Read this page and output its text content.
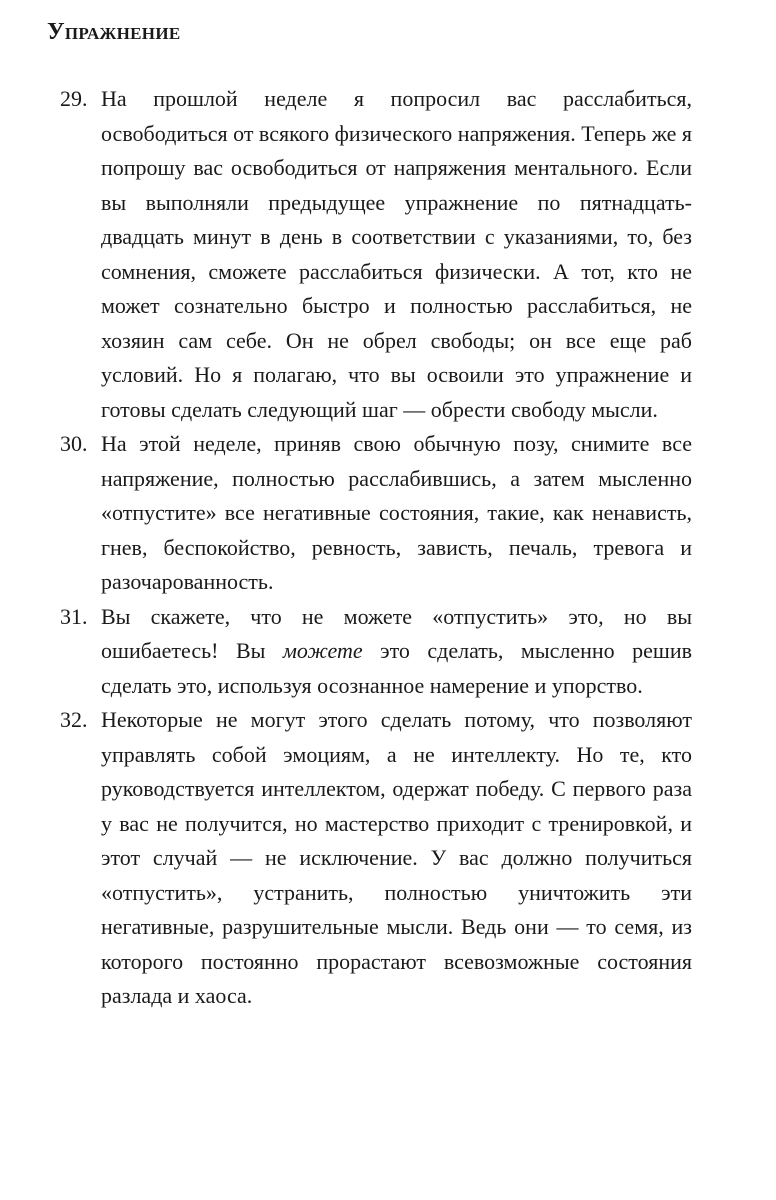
Упражнение
29. На прошлой неделе я попросил вас расслабиться, освободиться от всякого физического напряжения. Теперь же я попрошу вас освободиться от напряжения ментального. Если вы выполняли предыдущее упражнение по пятнадцать-двадцать минут в день в соответствии с указаниями, то, без сомнения, сможете расслабиться физически. А тот, кто не может сознательно быстро и полностью расслабиться, не хозяин сам себе. Он не обрел свободы; он все еще раб условий. Но я полагаю, что вы освоили это упражнение и готовы сделать следующий шаг — обрести свободу мысли.
30. На этой неделе, приняв свою обычную позу, снимите все напряжение, полностью расслабившись, а затем мысленно «отпустите» все негативные состояния, такие, как ненависть, гнев, беспокойство, ревность, зависть, печаль, тревога и разочарованность.
31. Вы скажете, что не можете «отпустить» это, но вы ошибаетесь! Вы можете это сделать, мысленно решив сделать это, используя осознанное намерение и упорство.
32. Некоторые не могут этого сделать потому, что позволяют управлять собой эмоциям, а не интеллекту. Но те, кто руководствуется интеллектом, одержат победу. С первого раза у вас не получится, но мастерство приходит с тренировкой, и этот случай — не исключение. У вас должно получиться «отпустить», устранить, полностью уничтожить эти негативные, разрушительные мысли. Ведь они — то семя, из которого постоянно прорастают всевозможные состояния разлада и хаоса.
